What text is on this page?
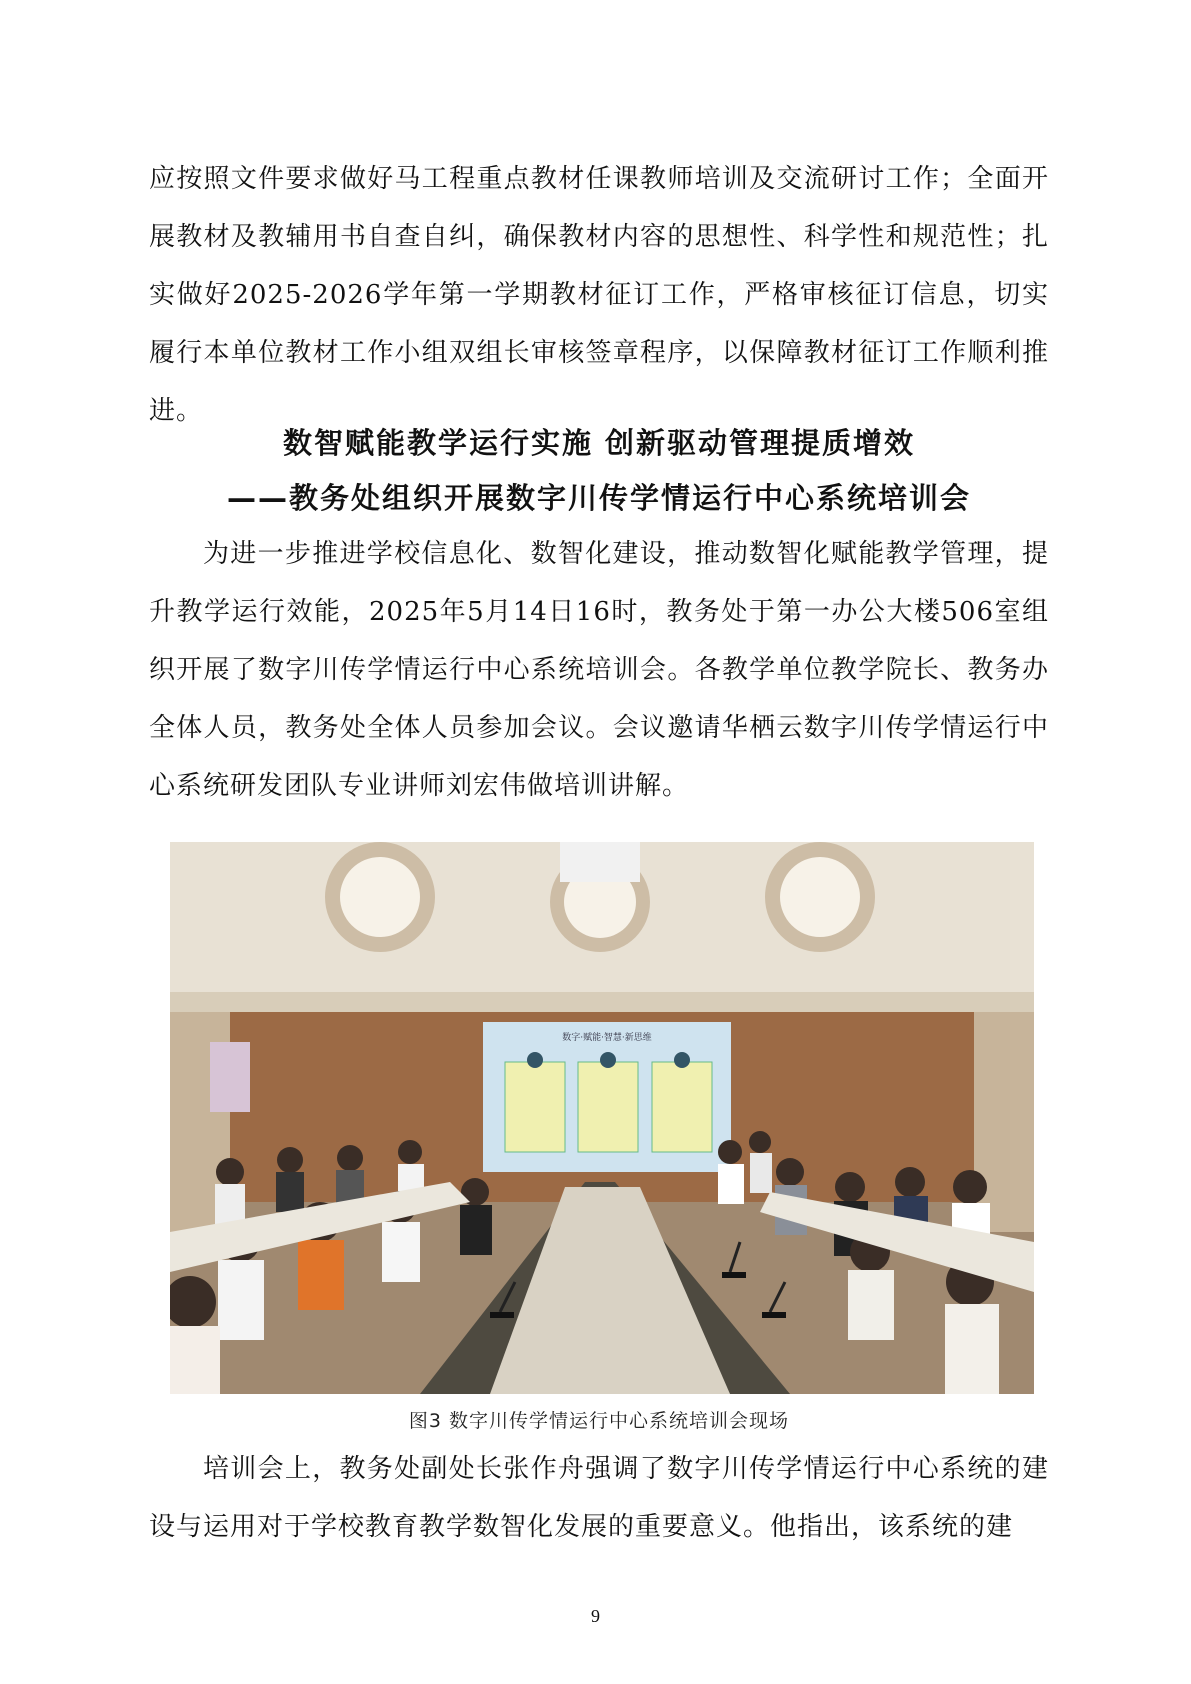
应按照文件要求做好马工程重点教材任课教师培训及交流研讨工作；全面开展教材及教辅用书自查自纠，确保教材内容的思想性、科学性和规范性；扎实做好2025-2026学年第一学期教材征订工作，严格审核征订信息，切实履行本单位教材工作小组双组长审核签章程序，以保障教材征订工作顺利推进。

数智赋能教学运行实施 创新驱动管理提质增效
——教务处组织开展数字川传学情运行中心系统培训会

为进一步推进学校信息化、数智化建设，推动数智化赋能教学管理，提升教学运行效能，2025年5月14日16时，教务处于第一办公大楼506室组织开展了数字川传学情运行中心系统培训会。各教学单位教学院长、教务办全体人员，教务处全体人员参加会议。会议邀请华栖云数字川传学情运行中心系统研发团队专业讲师刘宏伟做培训讲解。

数字·赋能·智慧·新思维

图3 数字川传学情运行中心系统培训会现场

培训会上，教务处副处长张作舟强调了数字川传学情运行中心系统的建设与运用对于学校教育教学数智化发展的重要意义。他指出，该系统的建

9
